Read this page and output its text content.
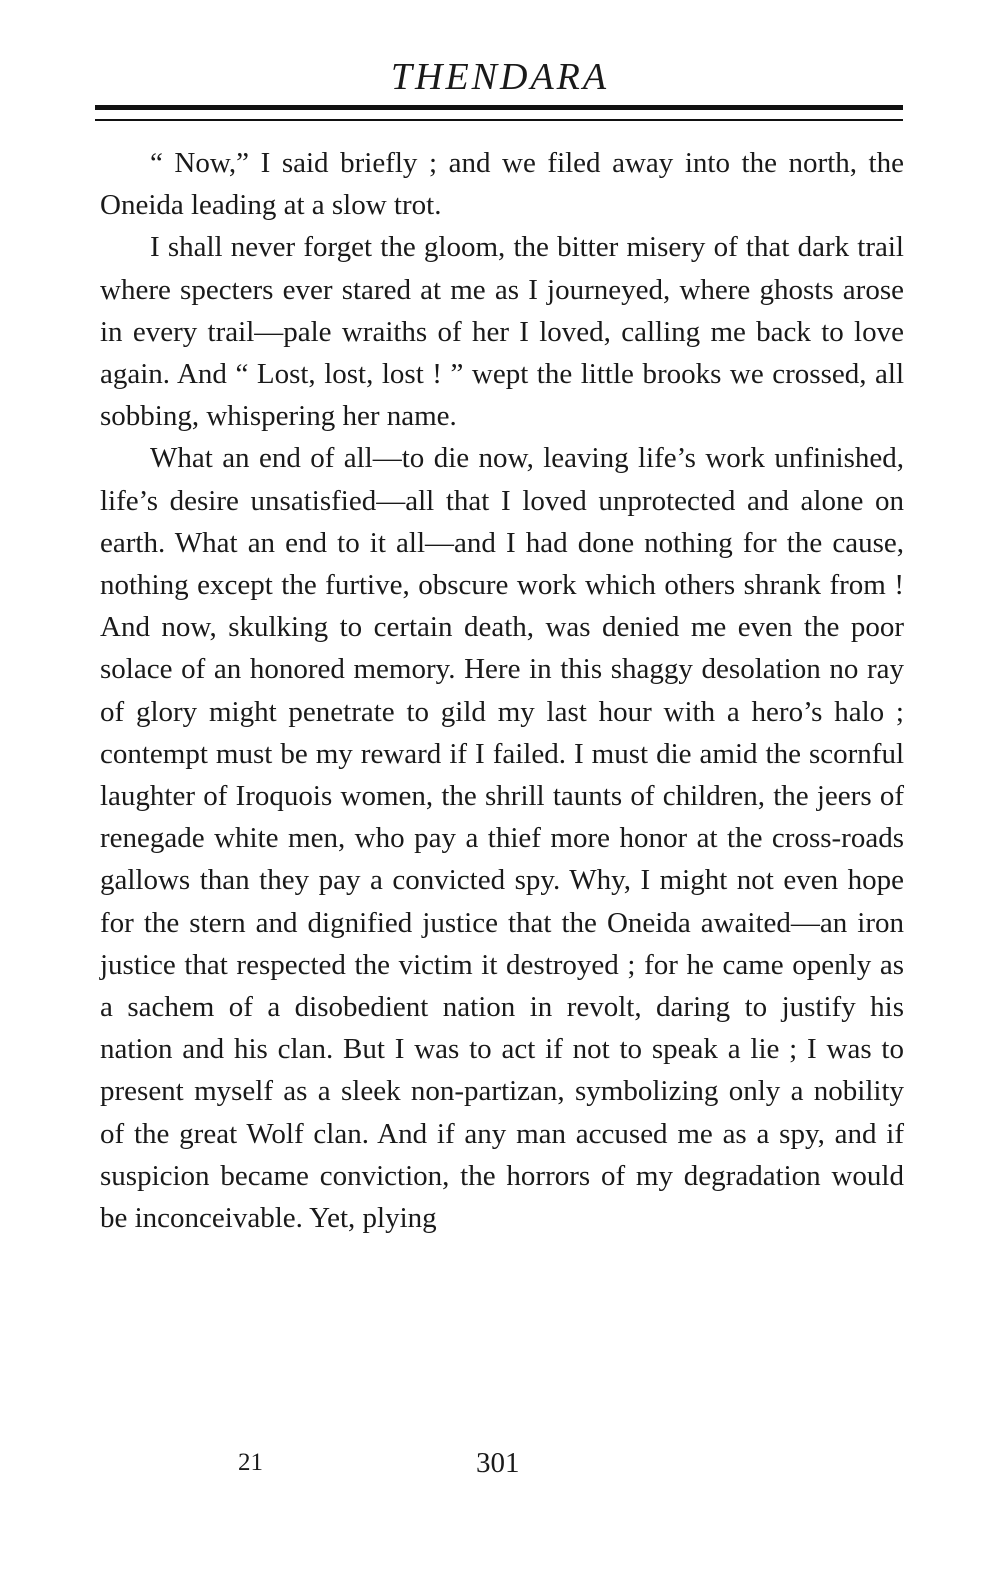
THENDARA

“ Now,” I said briefly ; and we filed away into the north, the Oneida leading at a slow trot.

I shall never forget the gloom, the bitter misery of that dark trail where specters ever stared at me as I journeyed, where ghosts arose in every trail—pale wraiths of her I loved, calling me back to love again. And “ Lost, lost, lost ! ” wept the little brooks we crossed, all sobbing, whispering her name.

What an end of all—to die now, leaving life’s work unfinished, life’s desire unsatisfied—all that I loved unprotected and alone on earth. What an end to it all—and I had done nothing for the cause, nothing except the furtive, obscure work which others shrank from ! And now, skulking to certain death, was denied me even the poor solace of an honored memory. Here in this shaggy desolation no ray of glory might penetrate to gild my last hour with a hero’s halo ; contempt must be my reward if I failed. I must die amid the scornful laughter of Iroquois women, the shrill taunts of children, the jeers of renegade white men, who pay a thief more honor at the cross-roads gallows than they pay a convicted spy. Why, I might not even hope for the stern and dignified justice that the Oneida awaited—an iron justice that respected the victim it destroyed ; for he came openly as a sachem of a disobedient nation in revolt, daring to justify his nation and his clan. But I was to act if not to speak a lie ; I was to present myself as a sleek non-partizan, symbolizing only a nobility of the great Wolf clan. And if any man accused me as a spy, and if suspicion became conviction, the horrors of my degradation would be inconceivable. Yet, plying

21	301
